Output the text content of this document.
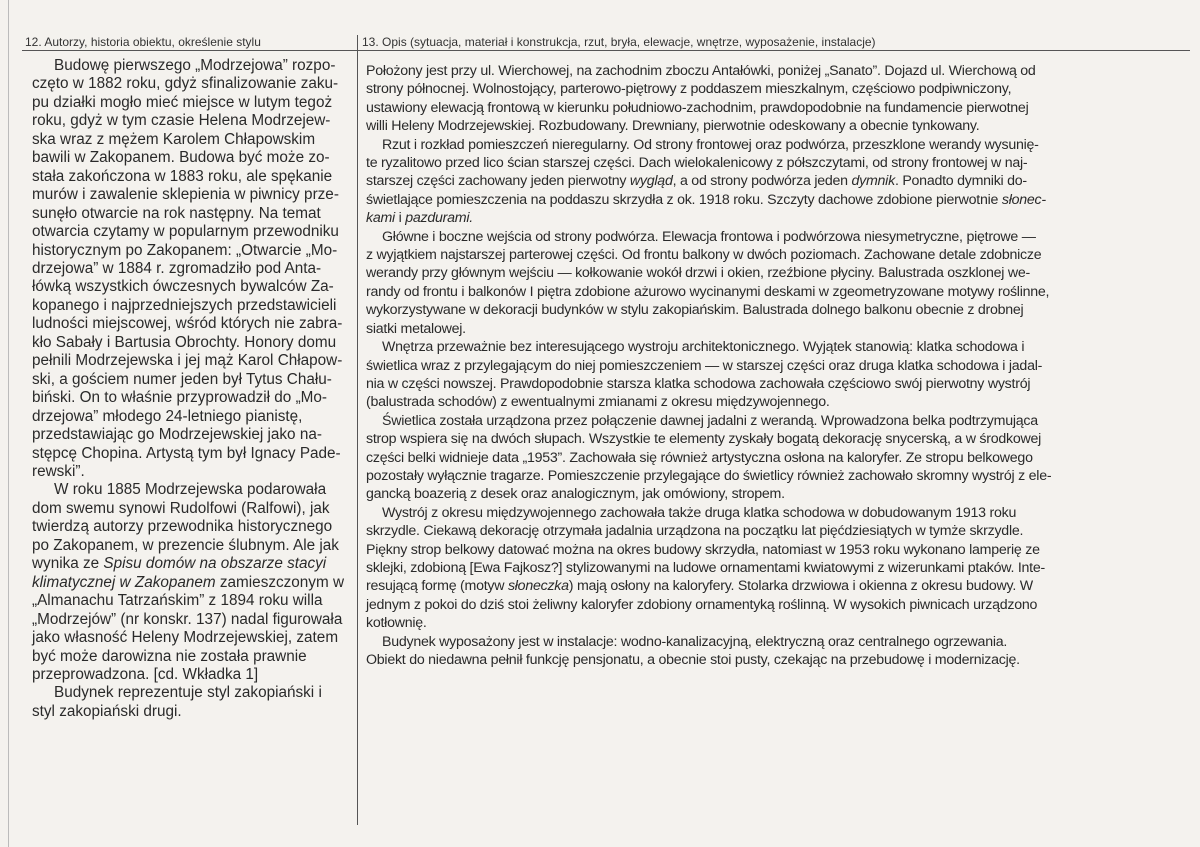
12. Autorzy, historia obiektu, określenie stylu	13. Opis (sytuacja, materiał i konstrukcja, rzut, bryła, elewacje, wnętrze, wyposażenie, instalacje)
Budowę pierwszego „Modrzejowa” rozpo-
częto w 1882 roku, gdyż sfinalizowanie zaku-
pu działki mogło mieć miejsce w lutym tegoż
roku, gdyż w tym czasie Helena Modrzejew-
ska wraz z mężem Karolem Chłapowskim
bawili w Zakopanem. Budowa być może zo-
stała zakończona w 1883 roku, ale spękanie
murów i zawalenie sklepienia w piwnicy prze-
sunęło otwarcie na rok następny. Na temat
otwarcia czytamy w popularnym przewodniku
historycznym po Zakopanem: „Otwarcie „Mo-
drzejowa” w 1884 r. zgromadziło pod Anta-
łówką wszystkich ówczesnych bywalców Za-
kopanego i najprzedniejszych przedstawicieli
ludności miejscowej, wśród których nie zabra-
kło Sabały i Bartusia Obrochty. Honory domu
pełnili Modrzejewska i jej mąż Karol Chłapow-
ski, a gościem numer jeden był Tytus Chału-
biński. On to właśnie przyprowadził do „Mo-
drzejowa” młodego 24-letniego pianistę,
przedstawiając go Modrzejewskiej jako na-
stępcę Chopina. Artystą tym był Ignacy Pade-
rewski”.
W roku 1885 Modrzejewska podarowała
dom swemu synowi Rudolfowi (Ralfowi), jak
twierdzą autorzy przewodnika historycznego
po Zakopanem, w prezencie ślubnym. Ale jak
wynika ze Spisu domów na obszarze stacyi
klimatycznej w Zakopanem zamieszczonym w
„Almanachu Tatrzańskim” z 1894 roku willa
„Modrzejów” (nr konskr. 137) nadal figurowała
jako własność Heleny Modrzejewskiej, zatem
być może darowizna nie została prawnie
przeprowadzona. [cd. Wkładka 1]
Budynek reprezentuje styl zakopiański i
styl zakopiański drugi.
Położony jest przy ul. Wierchowej, na zachodnim zboczu Antałówki, poniżej „Sanato”. Dojazd ul. Wierchową od
strony północnej. Wolnostojący, parterowo-piętrowy z poddaszem mieszkalnym, częściowo podpiwniczony,
ustawiony elewacją frontową w kierunku południowo-zachodnim, prawdopodobnie na fundamencie pierwotnej
willi Heleny Modrzejewskiej. Rozbudowany. Drewniany, pierwotnie odeskowany a obecnie tynkowany.
Rzut i rozkład pomieszczeń nieregularny. Od strony frontowej oraz podwórza, przeszklone werandy wysunię-
te ryzalitowo przed lico ścian starszej części. Dach wielokalenicowy z półszczytami, od strony frontowej w naj-
starszej części zachowany jeden pierwotny wygląd, a od strony podwórza jeden dymnik. Ponadto dymniki do-
świetlające pomieszczenia na poddaszu skrzydła z ok. 1918 roku. Szczyty dachowe zdobione pierwotnie słonec-
kami i pazdurami.
Główne i boczne wejścia od strony podwórza. Elewacja frontowa i podwórzowa niesymetryczne, piętrowe —
z wyjątkiem najstarszej parterowej części. Od frontu balkony w dwóch poziomach. Zachowane detale zdobnicze
werandy przy głównym wejściu — kołkowanie wokół drzwi i okien, rzeźbione płyciny. Balustrada oszklonej we-
randy od frontu i balkonów I piętra zdobione ażurowo wycinanymi deskami w zgeometryzowane motywy roślinne,
wykorzystywane w dekoracji budynków w stylu zakopiańskim. Balustrada dolnego balkonu obecnie z drobnej
siatki metalowej.
Wnętrza przeważnie bez interesującego wystroju architektonicznego. Wyjątek stanowią: klatka schodowa i
świetlica wraz z przylegającym do niej pomieszczeniem — w starszej części oraz druga klatka schodowa i jadal-
nia w części nowszej. Prawdopodobnie starsza klatka schodowa zachowała częściowo swój pierwotny wystrój
(balustrada schodów) z ewentualnymi zmianami z okresu międzywojennego.
Świetlica została urządzona przez połączenie dawnej jadalni z werandą. Wprowadzona belka podtrzymująca
strop wspiera się na dwóch słupach. Wszystkie te elementy zyskały bogatą dekorację snycerską, a w środkowej
części belki widnieje data „1953”. Zachowała się również artystyczna osłona na kaloryfer. Ze stropu belkowego
pozostały wyłącznie tragarze. Pomieszczenie przylegające do świetlicy również zachowało skromny wystrój z ele-
gancką boazerią z desek oraz analogicznym, jak omówiony, stropem.
Wystrój z okresu międzywojennego zachowała także druga klatka schodowa w dobudowanym 1913 roku
skrzydle. Ciekawą dekorację otrzymała jadalnia urządzona na początku lat pięćdziesiątych w tymże skrzydle.
Piękny strop belkowy datować można na okres budowy skrzydła, natomiast w 1953 roku wykonano lamperię ze
sklejki, zdobioną [Ewa Fajkosz?] stylizowanymi na ludowe ornamentami kwiatowymi z wizerunkami ptaków. Inte-
resującą formę (motyw słoneczka) mają osłony na kaloryfery. Stolarka drzwiowa i okienna z okresu budowy. W
jednym z pokoi do dziś stoi żeliwny kaloryfer zdobiony ornamentyką roślinną. W wysokich piwnicach urządzono
kotłownię.
Budynek wyposażony jest w instalacje: wodno-kanalizacyjną, elektryczną oraz centralnego ogrzewania.
Obiekt do niedawna pełnił funkcję pensjonatu, a obecnie stoi pusty, czekając na przebudowę i modernizację.
